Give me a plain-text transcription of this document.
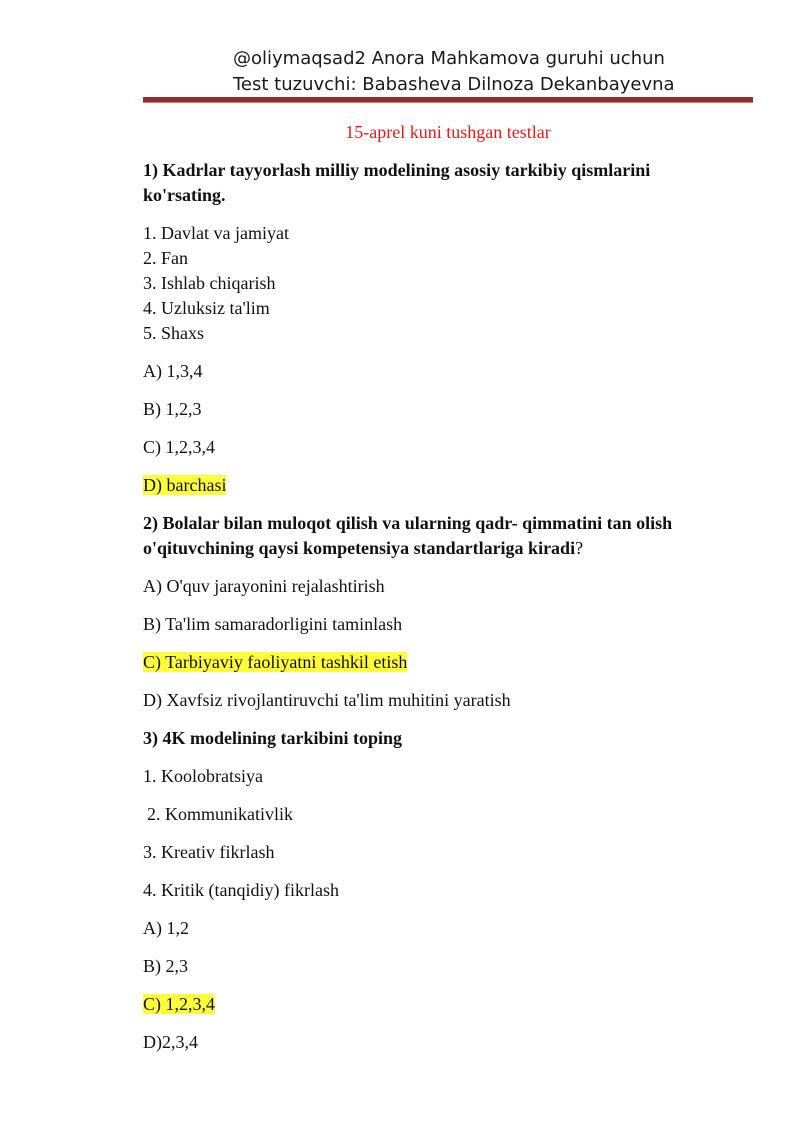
@oliymaqsad2 Anora Mahkamova guruhi uchun
Test tuzuvchi: Babasheva Dilnoza Dekanbayevna
15-aprel kuni tushgan testlar
1) Kadrlar tayyorlash milliy modelining asosiy tarkibiy qismlarini ko'rsating.
1. Davlat va jamiyat
2. Fan
3. Ishlab chiqarish
4. Uzluksiz ta'lim
5. Shaxs
A) 1,3,4
B) 1,2,3
C) 1,2,3,4
D) barchasi
2) Bolalar bilan muloqot qilish va ularning qadr- qimmatini tan olish o'qituvchining qaysi kompetensiya standartlariga kiradi?
A) O'quv jarayonini rejalashtirish
B) Ta'lim samaradorligini taminlash
C) Tarbiyaviy faoliyatni tashkil etish
D) Xavfsiz rivojlantiruvchi ta'lim muhitini yaratish
3) 4K modelining tarkibini toping
1. Koolobratsiya
2. Kommunikativlik
3. Kreativ fikrlash
4. Kritik (tanqidiy) fikrlash
A) 1,2
B) 2,3
C) 1,2,3,4
D)2,3,4
